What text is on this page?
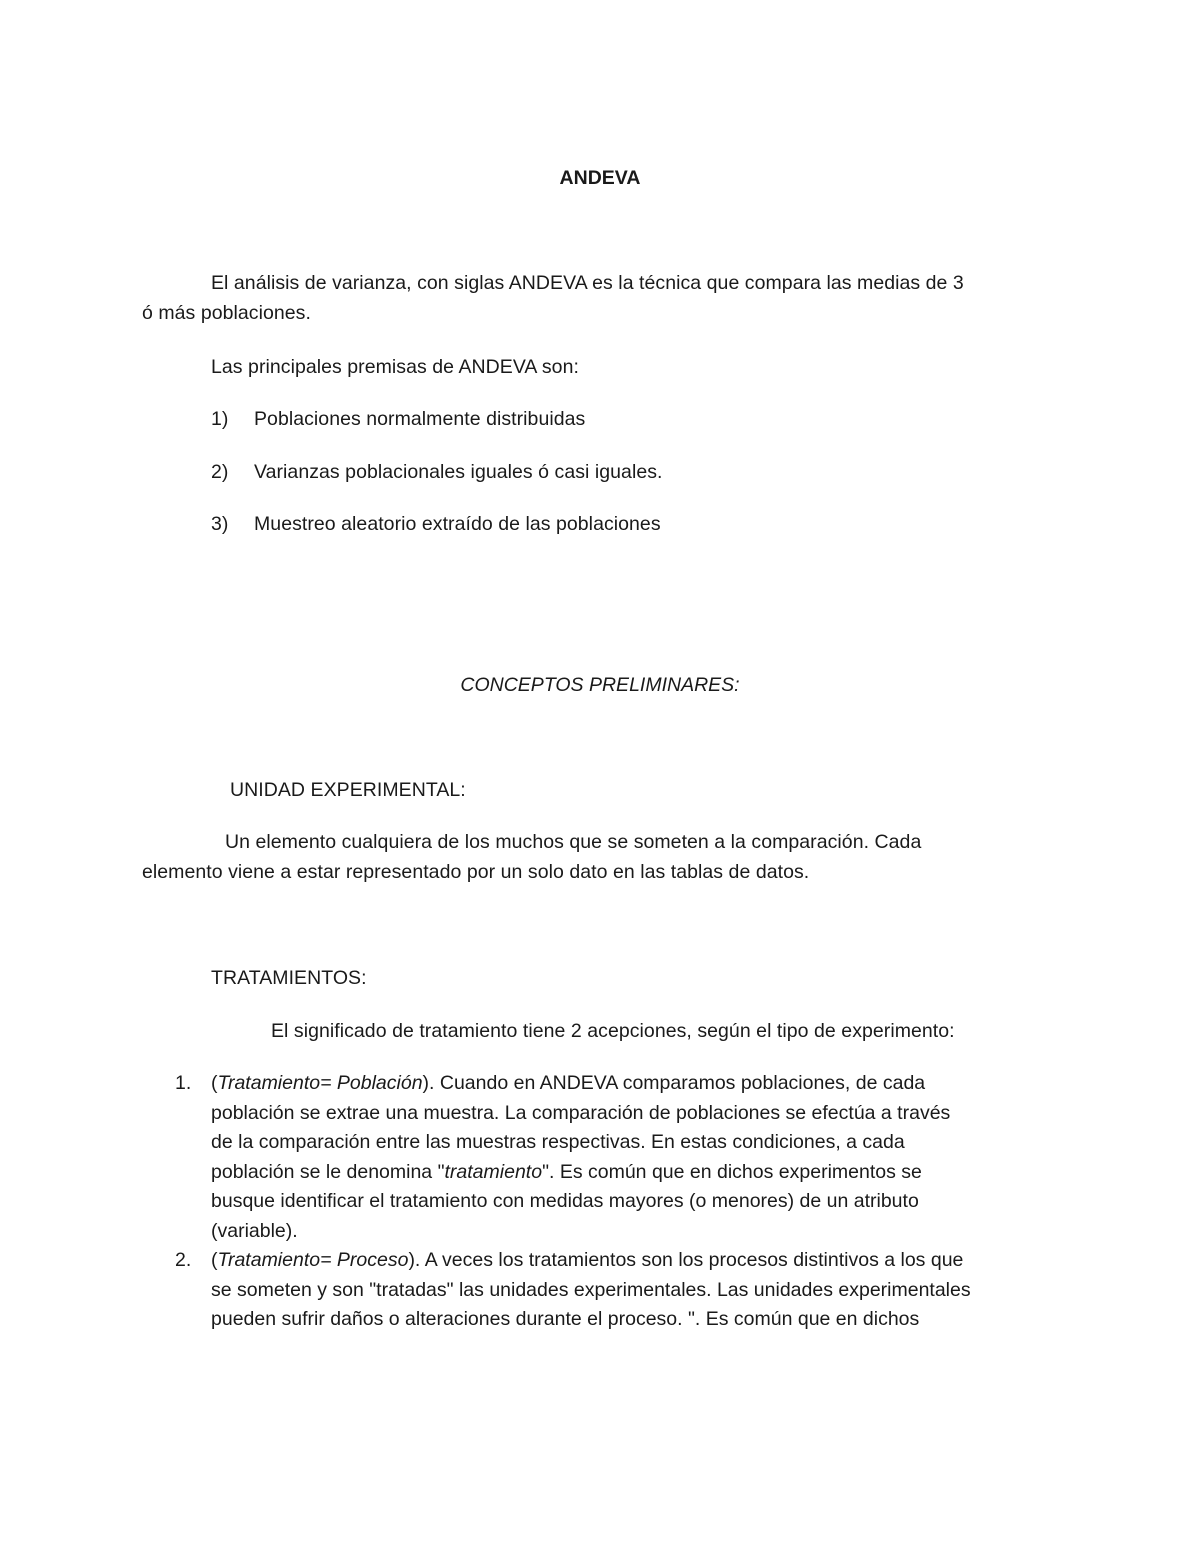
ANDEVA
El análisis de varianza, con siglas ANDEVA es la técnica que compara las medias de 3
ó más poblaciones.
Las principales premisas de ANDEVA son:
1) Poblaciones normalmente distribuidas
2) Varianzas poblacionales iguales ó casi iguales.
3) Muestreo aleatorio extraído de las poblaciones
CONCEPTOS PRELIMINARES:
UNIDAD EXPERIMENTAL:
Un elemento cualquiera de los muchos que se someten a la comparación. Cada
elemento viene a estar representado por un solo dato en las tablas de datos.
TRATAMIENTOS:
El significado de tratamiento tiene 2 acepciones, según el tipo de experimento:
1. (Tratamiento= Población). Cuando en ANDEVA comparamos poblaciones, de cada
población se extrae una muestra. La comparación de poblaciones se efectúa a través
de la comparación entre las muestras respectivas. En estas condiciones, a cada
población se le denomina "tratamiento". Es común que en dichos experimentos se
busque identificar el tratamiento con medidas mayores (o menores) de un atributo
(variable).
2. (Tratamiento= Proceso). A veces los tratamientos son los procesos distintivos a los que
se someten y son "tratadas" las unidades experimentales. Las unidades experimentales
pueden sufrir daños o alteraciones durante el proceso. ". Es común que en dichos
